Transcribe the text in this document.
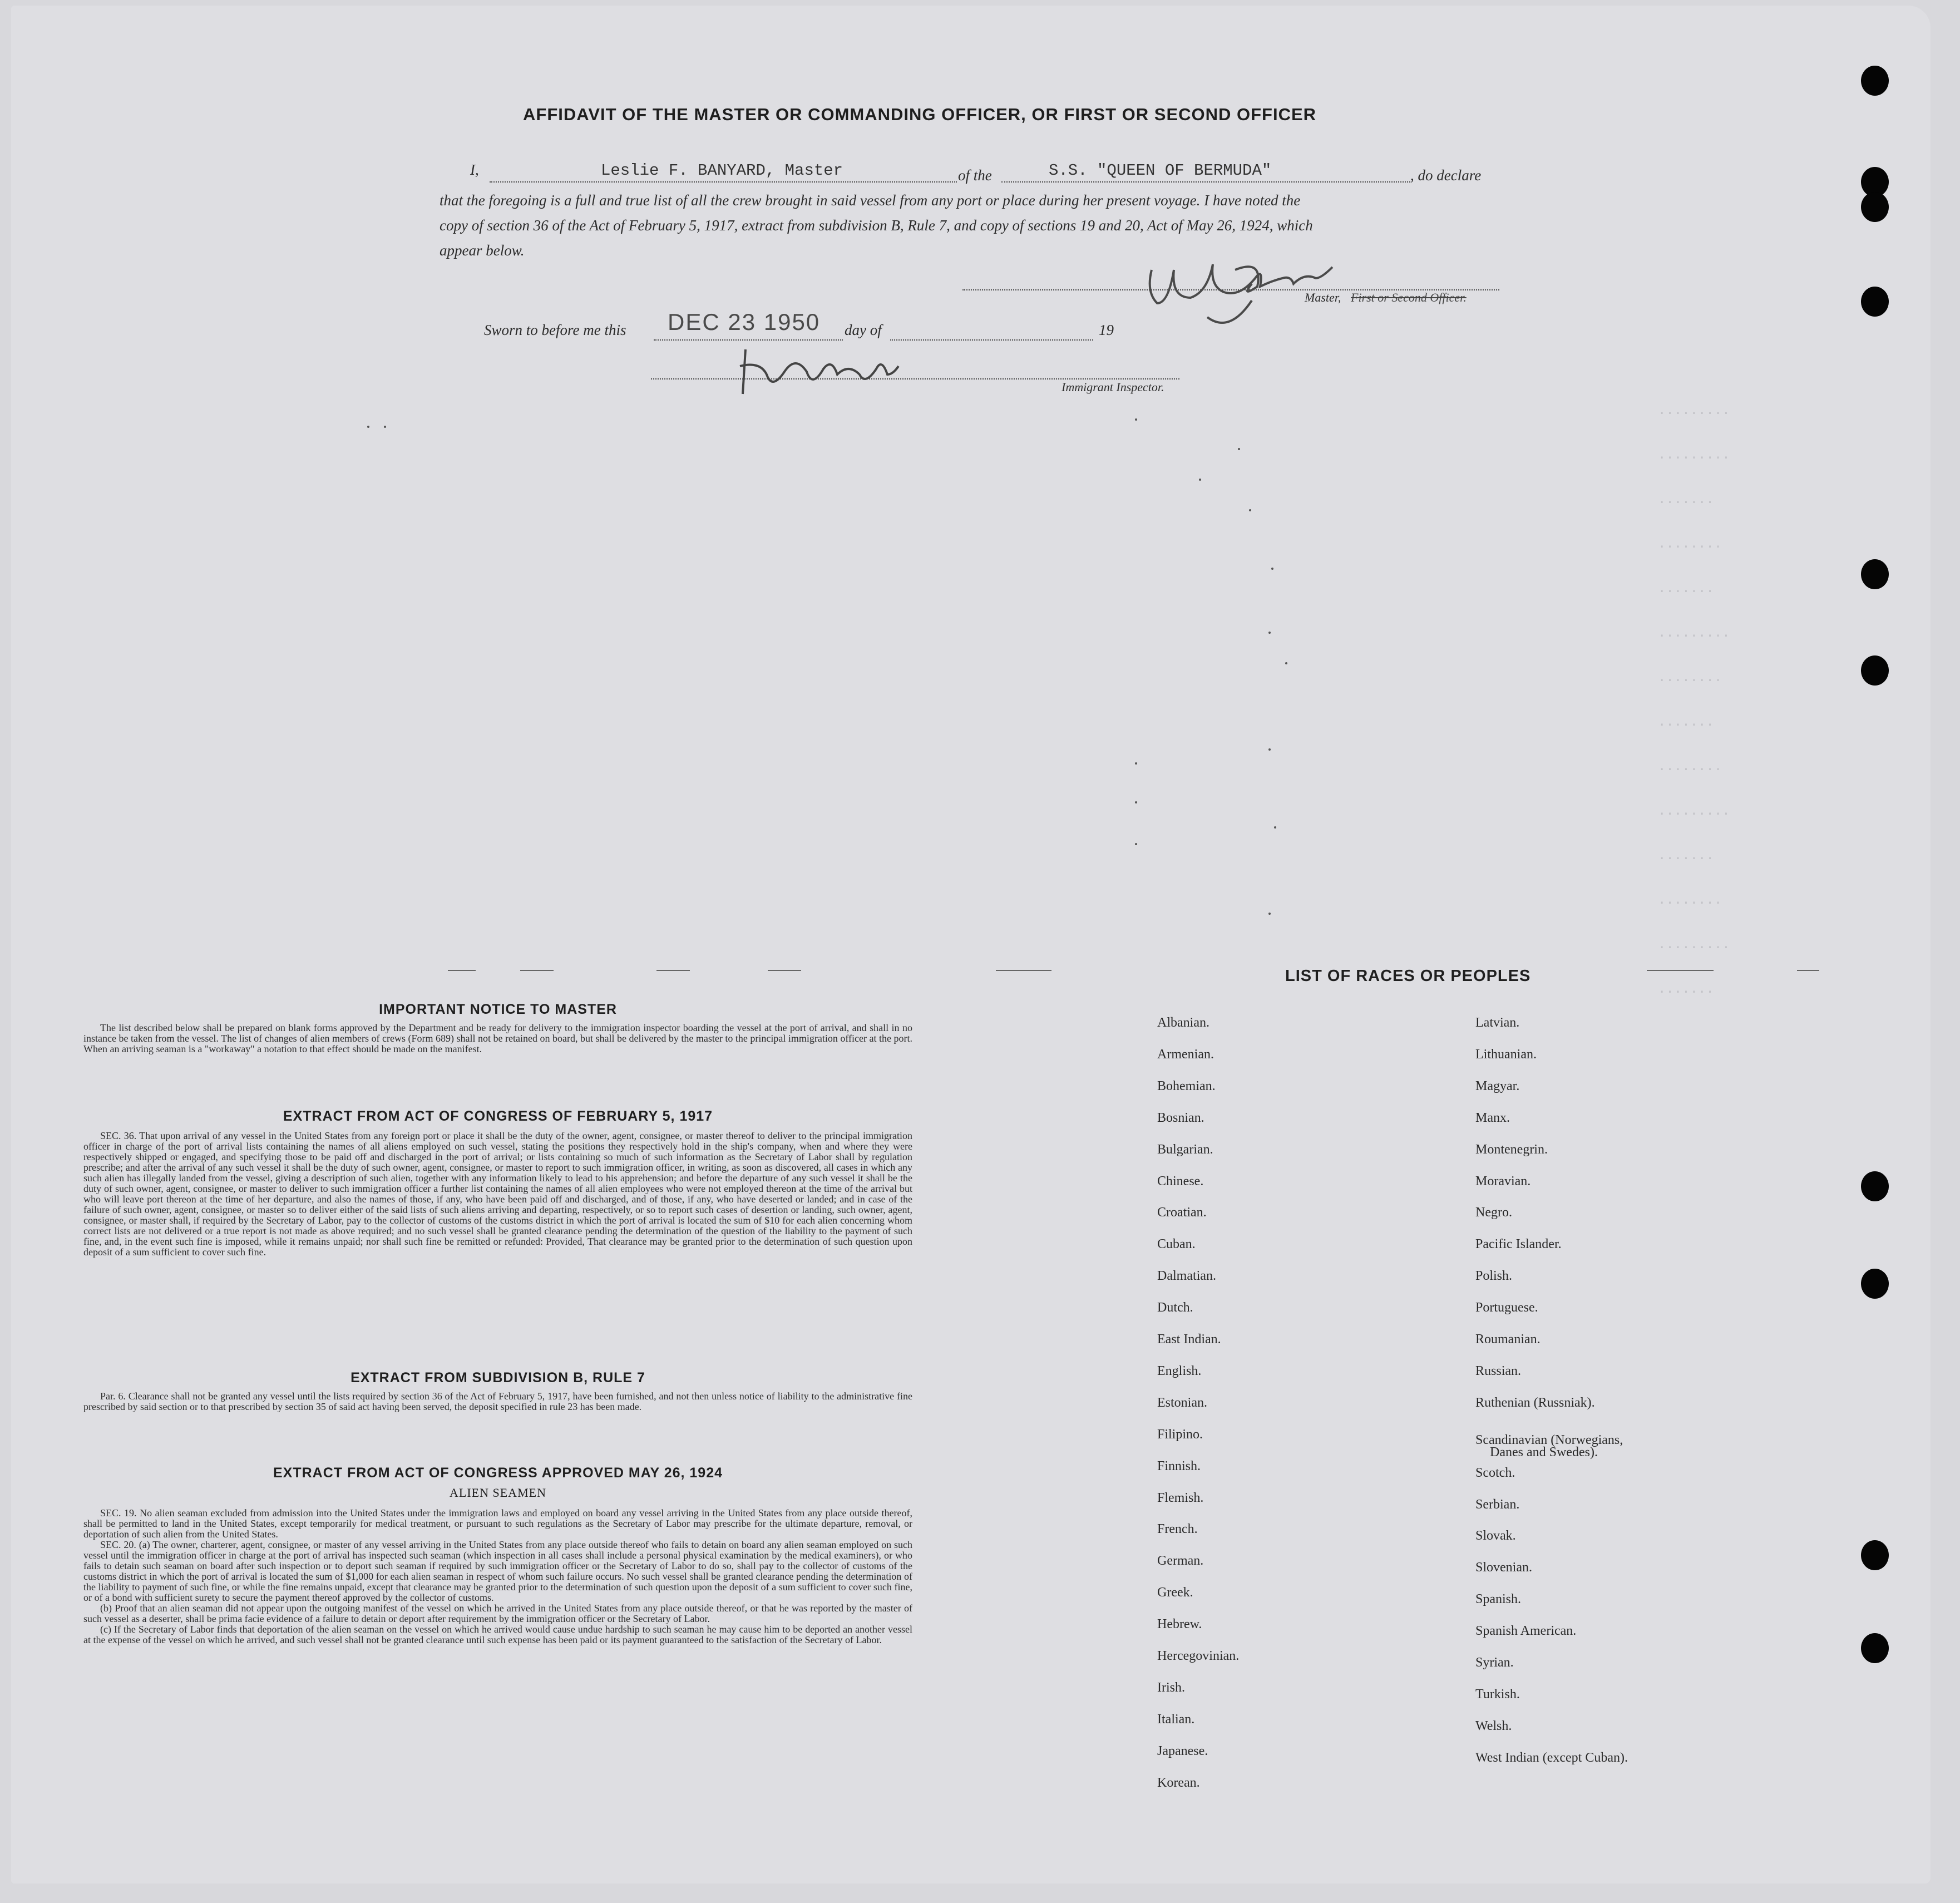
.........
.........
.......
........
.......
.........
........
.......
........
.........
.......
........
.........
.......
AFFIDAVIT OF THE MASTER OR COMMANDING OFFICER, OR FIRST OR SECOND OFFICER
I,	Leslie F. BANYARD, Master	of the	S.S. "QUEEN OF BERMUDA"	, do declare
that the foregoing is a full and true list of all the crew brought in said vessel from any port or place during her present voyage. I have noted the
copy of section 36 of the Act of February 5, 1917, extract from subdivision B, Rule 7, and copy of sections 19 and 20, Act of May 26, 1924, which
appear below.
Master, First or Second Officer.
Sworn to before me this DEC 23 1950 day of	19
Immigrant Inspector.
IMPORTANT NOTICE TO MASTER

The list described below shall be prepared on blank forms approved by the Department and be ready for delivery to the immigration inspector boarding the vessel at the port of arrival, and shall in no instance be taken from the vessel. The list of changes of alien members of crews (Form 689) shall not be retained on board, but shall be delivered by the master to the principal immigration officer at the port. When an arriving seaman is a "workaway" a notation to that effect should be made on the manifest.

EXTRACT FROM ACT OF CONGRESS OF FEBRUARY 5, 1917

SEC. 36. That upon arrival of any vessel in the United States from any foreign port or place it shall be the duty of the owner, agent, consignee, or master thereof to deliver to the principal immigration officer in charge of the port of arrival lists containing the names of all aliens employed on such vessel, stating the positions they respectively hold in the ship's company, when and where they were respectively shipped or engaged, and specifying those to be paid off and discharged in the port of arrival; or lists containing so much of such information as the Secretary of Labor shall by regulation prescribe; and after the arrival of any such vessel it shall be the duty of such owner, agent, consignee, or master to report to such immigration officer, in writing, as soon as discovered, all cases in which any such alien has illegally landed from the vessel, giving a description of such alien, together with any information likely to lead to his apprehension; and before the departure of any such vessel it shall be the duty of such owner, agent, consignee, or master to deliver to such immigration officer a further list containing the names of all alien employees who were not employed thereon at the time of the arrival but who will leave port thereon at the time of her departure, and also the names of those, if any, who have been paid off and discharged, and of those, if any, who have deserted or landed; and in case of the failure of such owner, agent, consignee, or master so to deliver either of the said lists of such aliens arriving and departing, respectively, or so to report such cases of desertion or landing, such owner, agent, consignee, or master shall, if required by the Secretary of Labor, pay to the collector of customs of the customs district in which the port of arrival is located the sum of $10 for each alien concerning whom correct lists are not delivered or a true report is not made as above required; and no such vessel shall be granted clearance pending the determination of the question of the liability to the payment of such fine, and, in the event such fine is imposed, while it remains unpaid; nor shall such fine be remitted or refunded: Provided, That clearance may be granted prior to the determination of such question upon deposit of a sum sufficient to cover such fine.

EXTRACT FROM SUBDIVISION B, RULE 7

Par. 6. Clearance shall not be granted any vessel until the lists required by section 36 of the Act of February 5, 1917, have been furnished, and not then unless notice of liability to the administrative fine prescribed by said section or to that prescribed by section 35 of said act having been served, the deposit specified in rule 23 has been made.

EXTRACT FROM ACT OF CONGRESS APPROVED MAY 26, 1924
ALIEN SEAMEN

SEC. 19. No alien seaman excluded from admission into the United States under the immigration laws and employed on board any vessel arriving in the United States from any place outside thereof, shall be permitted to land in the United States, except temporarily for medical treatment, or pursuant to such regulations as the Secretary of Labor may prescribe for the ultimate departure, removal, or deportation of such alien from the United States.

SEC. 20. (a) The owner, charterer, agent, consignee, or master of any vessel arriving in the United States from any place outside thereof who fails to detain on board any alien seaman employed on such vessel until the immigration officer in charge at the port of arrival has inspected such seaman (which inspection in all cases shall include a personal physical examination by the medical examiners), or who fails to detain such seaman on board after such inspection or to deport such seaman if required by such immigration officer or the Secretary of Labor to do so, shall pay to the collector of customs of the customs district in which the port of arrival is located the sum of $1,000 for each alien seaman in respect of whom such failure occurs. No such vessel shall be granted clearance pending the determination of the liability to payment of such fine, or while the fine remains unpaid, except that clearance may be granted prior to the determination of such question upon the deposit of a sum sufficient to cover such fine, or of a bond with sufficient surety to secure the payment thereof approved by the collector of customs.

(b) Proof that an alien seaman did not appear upon the outgoing manifest of the vessel on which he arrived in the United States from any place outside thereof, or that he was reported by the master of such vessel as a deserter, shall be prima facie evidence of a failure to detain or deport after requirement by the immigration officer or the Secretary of Labor.

(c) If the Secretary of Labor finds that deportation of the alien seaman on the vessel on which he arrived would cause undue hardship to such seaman he may cause him to be deported an another vessel at the expense of the vessel on which he arrived, and such vessel shall not be granted clearance until such expense has been paid or its payment guaranteed to the satisfaction of the Secretary of Labor.

LIST OF RACES OR PEOPLES
Albanian.
Armenian.
Bohemian.
Bosnian.
Bulgarian.
Chinese.
Croatian.
Cuban.
Dalmatian.
Dutch.
East Indian.
English.
Estonian.
Filipino.
Finnish.
Flemish.
French.
German.
Greek.
Hebrew.
Hercegovinian.
Irish.
Italian.
Japanese.
Korean.
Latvian.
Lithuanian.
Magyar.
Manx.
Montenegrin.
Moravian.
Negro.
Pacific Islander.
Polish.
Portuguese.
Roumanian.
Russian.
Ruthenian (Russniak).
Scandinavian (Norwegians,
Danes and Swedes).
Scotch.
Serbian.
Slovak.
Slovenian.
Spanish.
Spanish American.
Syrian.
Turkish.
Welsh.
West Indian (except Cuban).
